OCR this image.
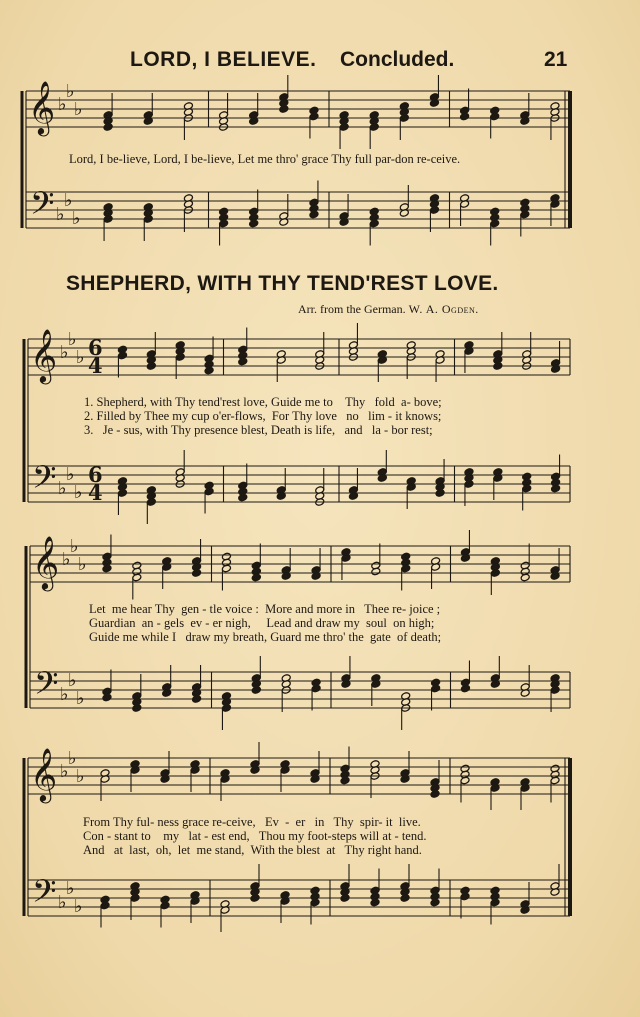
LORD, I BELIEVE. Concluded.	21
𝄞
𝄢
♭
♭
♭
♭
♭
♭
𝄞
𝄢
♭
♭
♭
♭
♭
♭
6
4
6
4
𝄞
𝄢
♭
♭
♭
♭
♭
♭
𝄞
𝄢
♭
♭
♭
♭
♭
♭
Lord, I be-lieve, Lord, I be-lieve, Let me thro' grace Thy full par-don re-ceive.
SHEPHERD, WITH THY TEND'REST LOVE.
Arr. from the German. W. A. Ogden.
1. Shepherd, with Thy tend'rest love, Guide me to    Thy   fold  a- bove;
2. Filled by Thee my cup o'er-flows,  For Thy love   no   lim - it knows;
3.   Je - sus, with Thy presence blest, Death is life,   and   la - bor rest;
Let  me hear Thy  gen - tle voice :  More and more in   Thee re- joice ;
Guardian  an - gels  ev - er nigh,     Lead and draw my  soul  on high;
Guide me while I   draw my breath, Guard me thro' the  gate  of death;
From Thy ful- ness grace re-ceive,   Ev  -  er   in   Thy  spir- it  live.
Con - stant to    my   lat - est end,   Thou my foot-steps will at - tend.
And   at  last,  oh,  let  me stand,  With the blest  at   Thy right hand.
